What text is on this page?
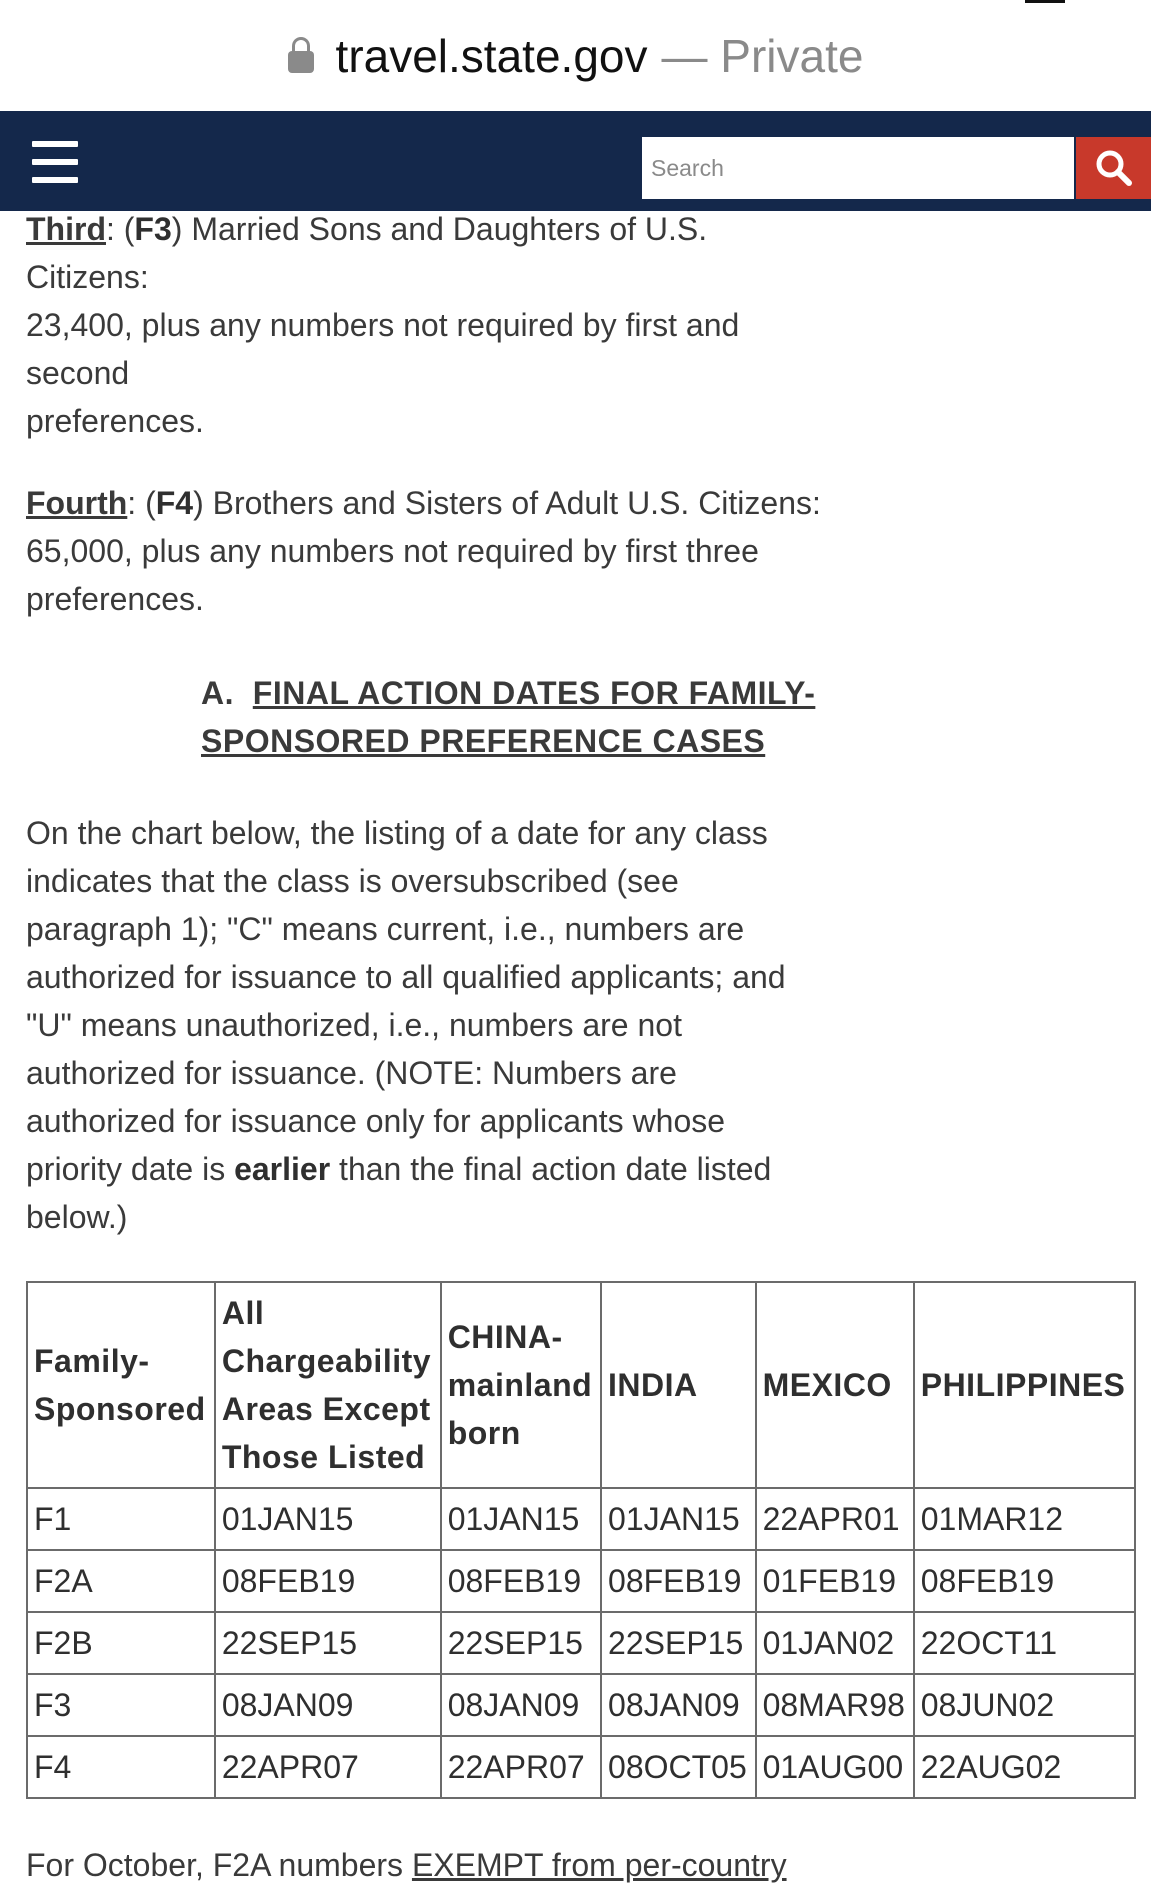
travel.state.gov — Private
Search

Third: (F3) Married Sons and Daughters of U.S. Citizens:
23,400, plus any numbers not required by first and second
preferences.

Fourth: (F4) Brothers and Sisters of Adult U.S. Citizens:
65,000, plus any numbers not required by first three
preferences.

A. FINAL ACTION DATES FOR FAMILY-
SPONSORED PREFERENCE CASES

On the chart below, the listing of a date for any class indicates that the class is oversubscribed (see paragraph 1); "C" means current, i.e., numbers are authorized for issuance to all qualified applicants; and "U" means unauthorized, i.e., numbers are not authorized for issuance. (NOTE: Numbers are authorized for issuance only for applicants whose priority date is earlier than the final action date listed below.)

Family-Sponsored	All Chargeability Areas Except Those Listed	CHINA-mainland born	INDIA	MEXICO	PHILIPPINES
F1	01JAN15	01JAN15	01JAN15	22APR01	01MAR12
F2A	08FEB19	08FEB19	08FEB19	01FEB19	08FEB19
F2B	22SEP15	22SEP15	22SEP15	01JAN02	22OCT11
F3	08JAN09	08JAN09	08JAN09	08MAR98	08JUN02
F4	22APR07	22APR07	08OCT05	01AUG00	22AUG02
For October, F2A numbers EXEMPT from per-country
